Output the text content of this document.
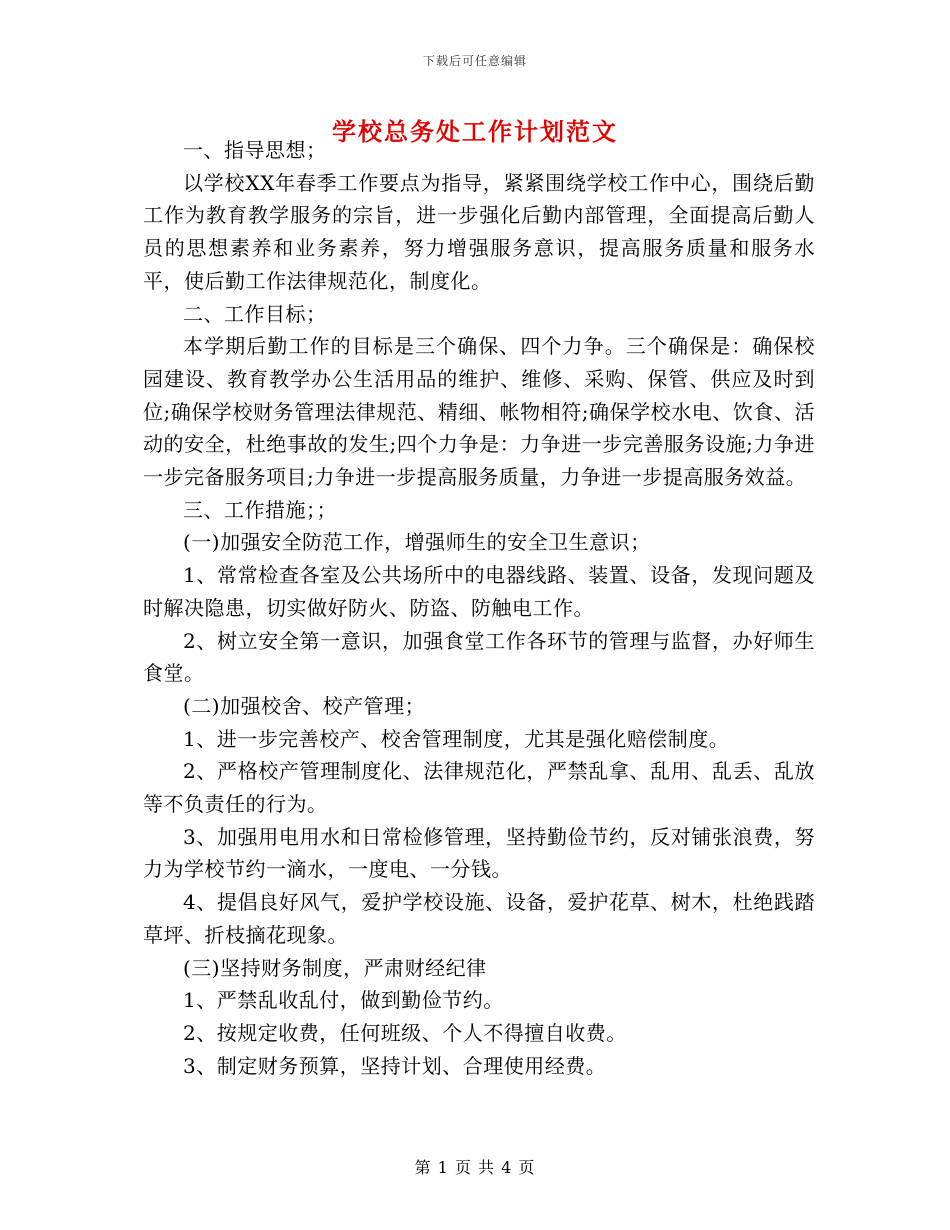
下载后可任意编辑
学校总务处工作计划范文

一、指导思想；

以学校XX年春季工作要点为指导，紧紧围绕学校工作中心，围绕后勤工作为教育教学服务的宗旨，进一步强化后勤内部管理，全面提高后勤人员的思想素养和业务素养，努力增强服务意识，提高服务质量和服务水平，使后勤工作法律规范化，制度化。

二、工作目标；

本学期后勤工作的目标是三个确保、四个力争。三个确保是：确保校园建设、教育教学办公生活用品的维护、维修、采购、保管、供应及时到位;确保学校财务管理法律规范、精细、帐物相符;确保学校水电、饮食、活动的安全，杜绝事故的发生;四个力争是：力争进一步完善服务设施;力争进一步完备服务项目;力争进一步提高服务质量，力争进一步提高服务效益。

三、工作措施；；

(一)加强安全防范工作，增强师生的安全卫生意识；

1、常常检查各室及公共场所中的电器线路、装置、设备，发现问题及时解决隐患，切实做好防火、防盗、防触电工作。

2、树立安全第一意识，加强食堂工作各环节的管理与监督，办好师生食堂。

(二)加强校舍、校产管理；

1、进一步完善校产、校舍管理制度，尤其是强化赔偿制度。

2、严格校产管理制度化、法律规范化，严禁乱拿、乱用、乱丢、乱放等不负责任的行为。

3、加强用电用水和日常检修管理，坚持勤俭节约，反对铺张浪费，努力为学校节约一滴水，一度电、一分钱。

4、提倡良好风气，爱护学校设施、设备，爱护花草、树木，杜绝践踏草坪、折枝摘花现象。

(三)坚持财务制度，严肃财经纪律

1、严禁乱收乱付，做到勤俭节约。

2、按规定收费，任何班级、个人不得擅自收费。

3、制定财务预算，坚持计划、合理使用经费。

第 1 页 共 4 页
